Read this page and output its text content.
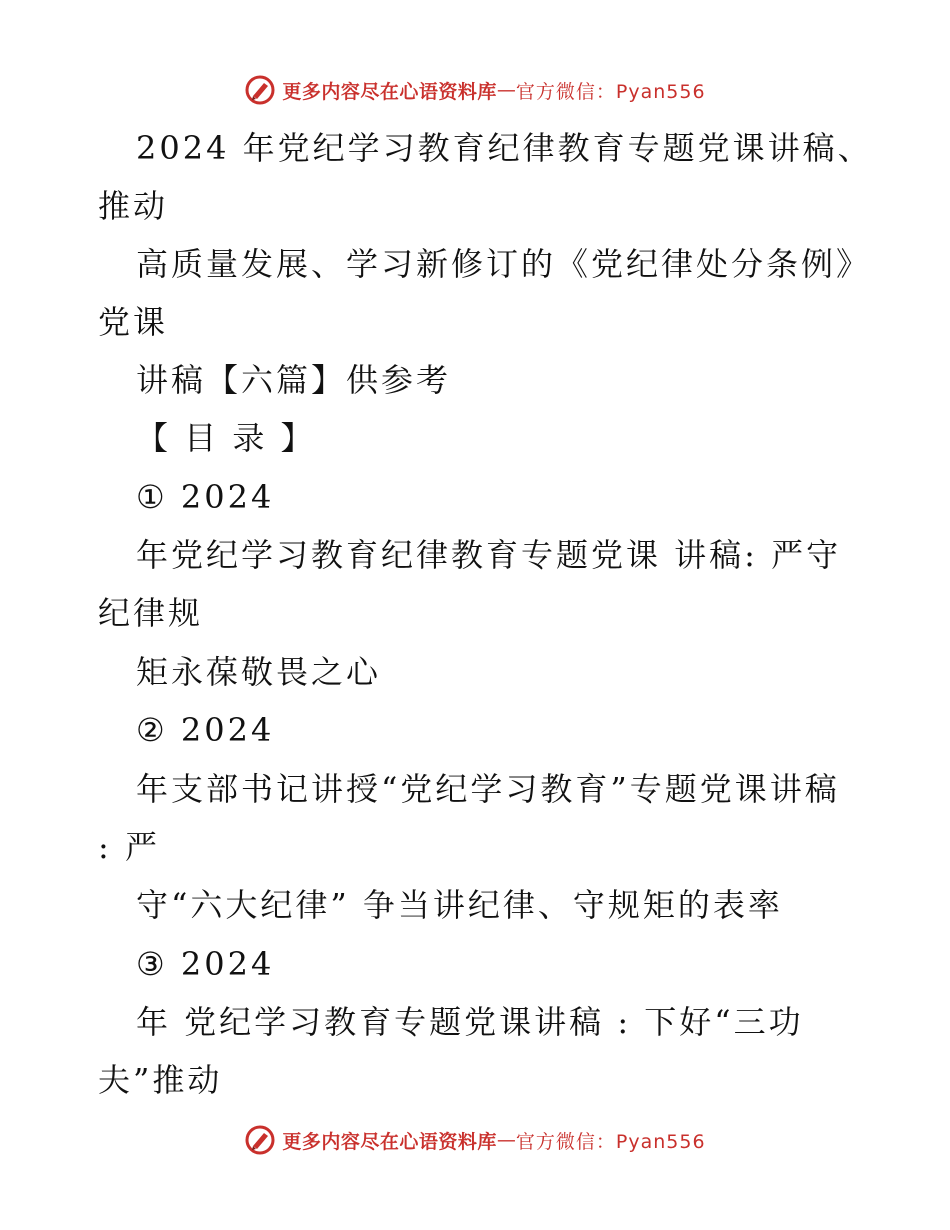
更多内容尽在心语资料库 — 官方微信：Pyan556
2024 年党纪学习教育纪律教育专题党课讲稿、
推动
高质量发展、学习新修订的《党纪律处分条例》
党课
讲稿【六篇】供参考
【 目 录 】
① 2024
年党纪学习教育纪律教育专题党课 讲稿: 严守
纪律规
矩永葆敬畏之心
② 2024
年支部书记讲授“党纪学习教育”专题党课讲稿
: 严
守“六大纪律” 争当讲纪律、守规矩的表率
③ 2024
年 党纪学习教育专题党课讲稿 : 下好“三功
夫”推动
更多内容尽在心语资料库 — 官方微信：Pyan556
